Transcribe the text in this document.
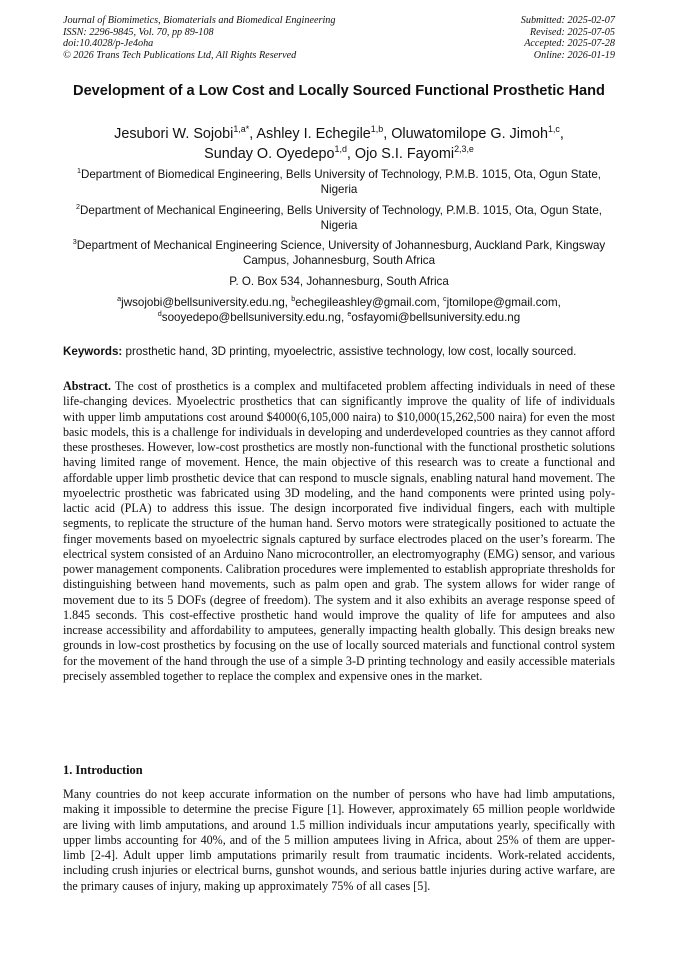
Journal of Biomimetics, Biomaterials and Biomedical Engineering
ISSN: 2296-9845, Vol. 70, pp 89-108
doi:10.4028/p-Je4oha
© 2026 Trans Tech Publications Ltd, All Rights Reserved
Submitted: 2025-02-07
Revised: 2025-07-05
Accepted: 2025-07-28
Online: 2026-01-19
Development of a Low Cost and Locally Sourced Functional Prosthetic Hand
Jesubori W. Sojobi$^{1,a*}$, Ashley I. Echegile$^{1,b}$, Oluwatomilope G. Jimoh$^{1,c}$,
Sunday O. Oyedepo$^{1,d}$, Ojo S.I. Fayomi$^{2,3,e}$
$^1$Department of Biomedical Engineering, Bells University of Technology, P.M.B. 1015, Ota, Ogun State, Nigeria
$^2$Department of Mechanical Engineering, Bells University of Technology, P.M.B. 1015, Ota, Ogun State, Nigeria
$^3$Department of Mechanical Engineering Science, University of Johannesburg, Auckland Park, Kingsway Campus, Johannesburg, South Africa
P. O. Box 534, Johannesburg, South Africa
$^a$jwsojobi@bellsuniversity.edu.ng, $^b$echegileashley@gmail.com, $^c$jtomilope@gmail.com,
$^d$sooyedepo@bellsuniversity.edu.ng, $^e$osfayomi@bellsuniversity.edu.ng
Keywords: prosthetic hand, 3D printing, myoelectric, assistive technology, low cost, locally sourced.
Abstract. The cost of prosthetics is a complex and multifaceted problem affecting individuals in need of these life-changing devices. Myoelectric prosthetics that can significantly improve the quality of life of individuals with upper limb amputations cost around $4000(6,105,000 naira) to $10,000(15,262,500 naira) for even the most basic models, this is a challenge for individuals in developing and underdeveloped countries as they cannot afford these prostheses. However, low-cost prosthetics are mostly non-functional with the functional prosthetic solutions having limited range of movement. Hence, the main objective of this research was to create a functional and affordable upper limb prosthetic device that can respond to muscle signals, enabling natural hand movement. The myoelectric prosthetic was fabricated using 3D modeling, and the hand components were printed using poly-lactic acid (PLA) to address this issue. The design incorporated five individual fingers, each with multiple segments, to replicate the structure of the human hand. Servo motors were strategically positioned to actuate the finger movements based on myoelectric signals captured by surface electrodes placed on the user’s forearm. The electrical system consisted of an Arduino Nano microcontroller, an electromyography (EMG) sensor, and various power management components. Calibration procedures were implemented to establish appropriate thresholds for distinguishing between hand movements, such as palm open and grab. The system allows for wider range of movement due to its 5 DOFs (degree of freedom). The system and it also exhibits an average response speed of 1.845 seconds. This cost-effective prosthetic hand would improve the quality of life for amputees and also increase accessibility and affordability to amputees, generally impacting health globally. This design breaks new grounds in low-cost prosthetics by focusing on the use of locally sourced materials and functional control system for the movement of the hand through the use of a simple 3-D printing technology and easily accessible materials precisely assembled together to replace the complex and expensive ones in the market.
1. Introduction
Many countries do not keep accurate information on the number of persons who have had limb amputations, making it impossible to determine the precise Figure [1]. However, approximately 65 million people worldwide are living with limb amputations, and around 1.5 million individuals incur amputations yearly, specifically with upper limbs accounting for 40%, and of the 5 million amputees living in Africa, about 25% of them are upper-limb [2-4]. Adult upper limb amputations primarily result from traumatic incidents. Work-related accidents, including crush injuries or electrical burns, gunshot wounds, and serious battle injuries during active warfare, are the primary causes of injury, making up approximately 75% of all cases [5].
